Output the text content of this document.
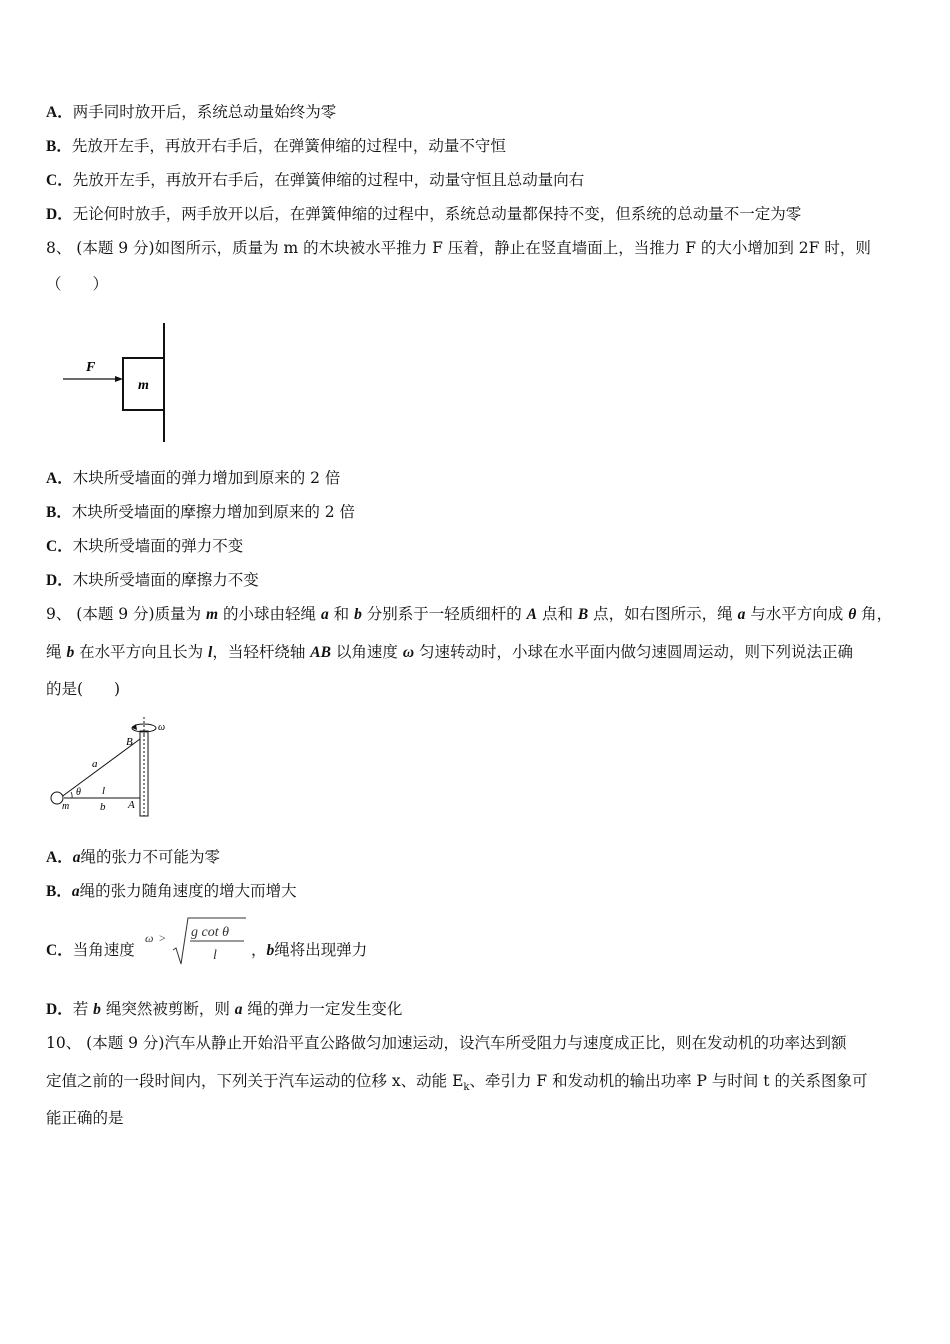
A．两手同时放开后，系统总动量始终为零
B．先放开左手，再放开右手后，在弹簧伸缩的过程中，动量不守恒
C．先放开左手，再放开右手后，在弹簧伸缩的过程中，动量守恒且总动量向右
D．无论何时放手，两手放开以后，在弹簧伸缩的过程中，系统总动量都保持不变，但系统的总动量不一定为零
8、 (本题 9 分)如图所示，质量为 m 的木块被水平推力 F 压着，静止在竖直墙面上，当推力 F 的大小增加到 2F 时，则
（　　）
F
m
A．木块所受墙面的弹力增加到原来的 2 倍
B．木块所受墙面的摩擦力增加到原来的 2 倍
C．木块所受墙面的弹力不变
D．木块所受墙面的摩擦力不变
9、 (本题 9 分)质量为 m 的小球由轻绳 a 和 b 分别系于一轻质细杆的 A 点和 B 点，如右图所示，绳 a 与水平方向成 θ 角，
绳 b 在水平方向且长为 l，当轻杆绕轴 AB 以角速度 ω 匀速转动时，小球在水平面内做匀速圆周运动，则下列说法正确
的是(　　)
ω
B
a
θ l
A
m	b
A．a绳的张力不可能为零
B．a绳的张力随角速度的增大而增大
C．当角速度
ω > g cot θ
l ，b绳将出现弹力
D．若 b 绳突然被剪断，则 a 绳的弹力一定发生变化
10、 (本题 9 分)汽车从静止开始沿平直公路做匀加速运动，设汽车所受阻力与速度成正比，则在发动机的功率达到额
定值之前的一段时间内，下列关于汽车运动的位移 x、动能 $E_k$、牵引力 F 和发动机的输出功率 P 与时间 t 的关系图象可
能正确的是
